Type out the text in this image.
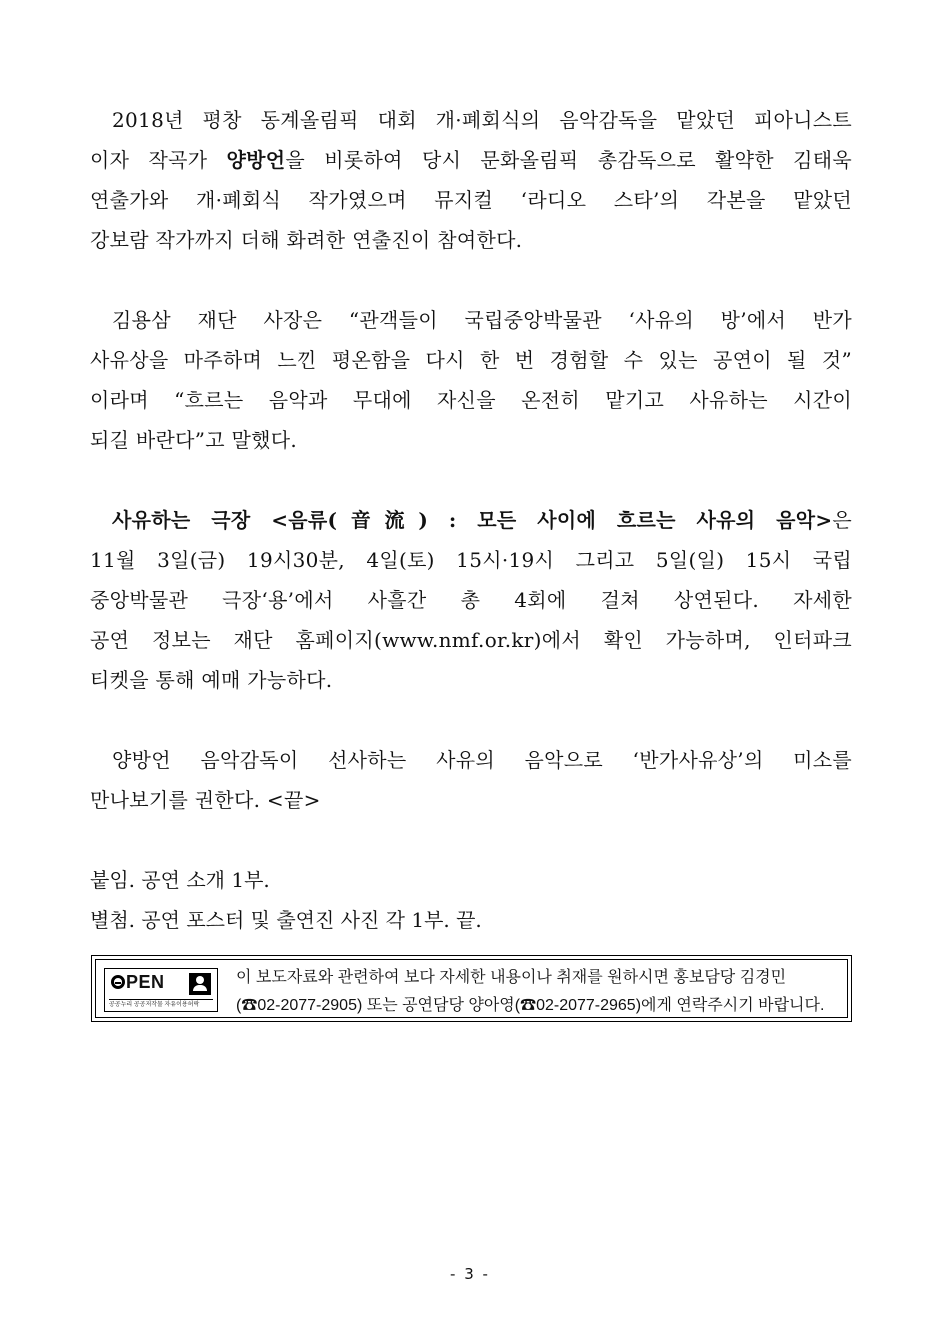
2018년 평창 동계올림픽 대회 개·폐회식의 음악감독을 맡았던 피아니스트
이자 작곡가 양방언을 비롯하여 당시 문화올림픽 총감독으로 활약한 김태욱
연출가와 개·폐회식 작가였으며 뮤지컬 ‘라디오 스타’의 각본을 맡았던
강보람 작가까지 더해 화려한 연출진이 참여한다.
김용삼 재단 사장은 “관객들이 국립중앙박물관 ‘사유의 방’에서 반가
사유상을 마주하며 느낀 평온함을 다시 한 번 경험할 수 있는 공연이 될 것”
이라며 “흐르는 음악과 무대에 자신을 온전히 맡기고 사유하는 시간이
되길 바란다”고 말했다.
사유하는 극장 <음류(音流) : 모든 사이에 흐르는 사유의 음악>은
11월 3일(금) 19시30분, 4일(토) 15시·19시 그리고 5일(일) 15시 국립
중앙박물관 극장‘용’에서 사흘간 총 4회에 걸쳐 상연된다. 자세한
공연 정보는 재단 홈페이지(www.nmf.or.kr)에서 확인 가능하며, 인터파크
티켓을 통해 예매 가능하다.
양방언 음악감독이 선사하는 사유의 음악으로 ‘반가사유상’의 미소를
만나보기를 권한다. <끝>
붙임. 공연 소개 1부.
별첨. 공연 포스터 및 출연진 사진 각 1부. 끝.
PEN
공공누리 공공저작물 자유이용허락
이 보도자료와 관련하여 보다 자세한 내용이나 취재를 원하시면 홍보담당 김경민
(☎02-2077-2905) 또는 공연담당 양아영(☎02-2077-2965)에게 연락주시기 바랍니다.
- 3 -
